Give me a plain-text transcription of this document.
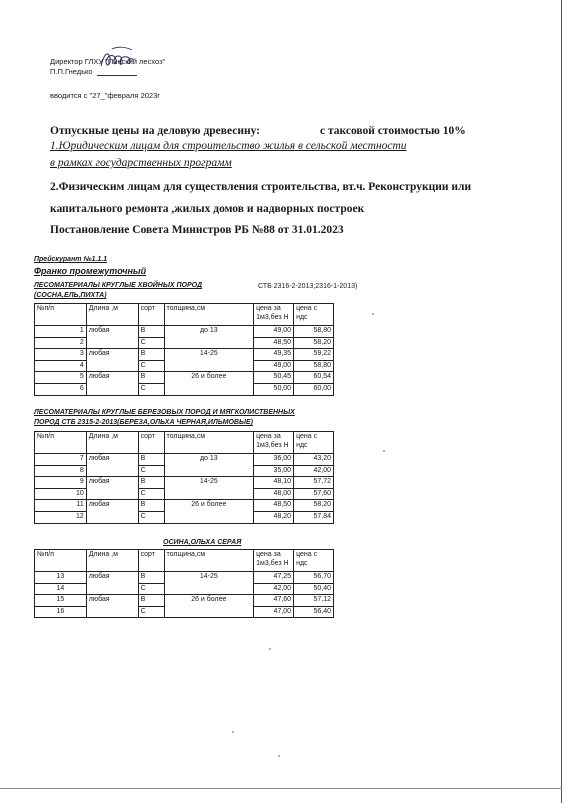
Директор ГЛХУ "Пинский лесхоз"
П.П.Гнедько
вводится с "27_"февраля 2023г
Отпускные цены на деловую древесину:	с таксовой стоимостью 10%
1.Юридическим лицам для строительство жилья в сельской местности
в рамках государственных программ
2.Физическим лицам для существления строительства, вт.ч. Реконструкции или
капитального ремонта ,жилых домов и надворных построек
Постановление Совета Министров РБ №88 от 31.01.2023
Прейскурант №1.1.1
Франко промежуточный
ЛЕСОМАТЕРИАЛЫ КРУГЛЫЕ ХВОЙНЫХ ПОРОД	СТБ 2316-2-2013;2316-1-2013)
(СОСНА,ЕЛЬ,ПИХТА)
№п/п	Длина ,м	сорт	толщина,см	цена за
1м3,без Н	цена с
ндс
1	любая	В	до 13	49,00	58,80
2		С		48,50	58,20
3	любая	В	14-25	49,35	59,22
4		С		49,00	58,80
5	любая	В	26 и более	50,45	60,54
6		С		50,00	60,00
ЛЕСОМАТЕРИАЛЫ КРУГЛЫЕ БЕРЕЗОВЫХ ПОРОД И МЯГКОЛИСТВЕННЫХ
ПОРОД СТБ 2315-2-2013(БЕРЕЗА,ОЛЬХА ЧЕРНАЯ,ИЛЬМОВЫЕ)
№п/п	Длина ,м	сорт	толщина,см	цена за
1м3,без Н	цена с
ндс
7	любая	В	до 13	36,00	43,20
8		С		35,00	42,00
9	любая	В	14-25	48,10	57,72
10		С		48,00	57,60
11	любая	В	26 и более	48,50	58,20
12		С		48,20	57,84
ОСИНА,ОЛЬХА СЕРАЯ
№п/п	Длина ,м	сорт	толщина,см	цена за
1м3,без Н	цена с
ндс
13	любая	В	14-25	47,25	56,70
14		С		42,00	50,40
15	любая	В	26 и более	47,60	57,12
16		С		47,00	56,40
